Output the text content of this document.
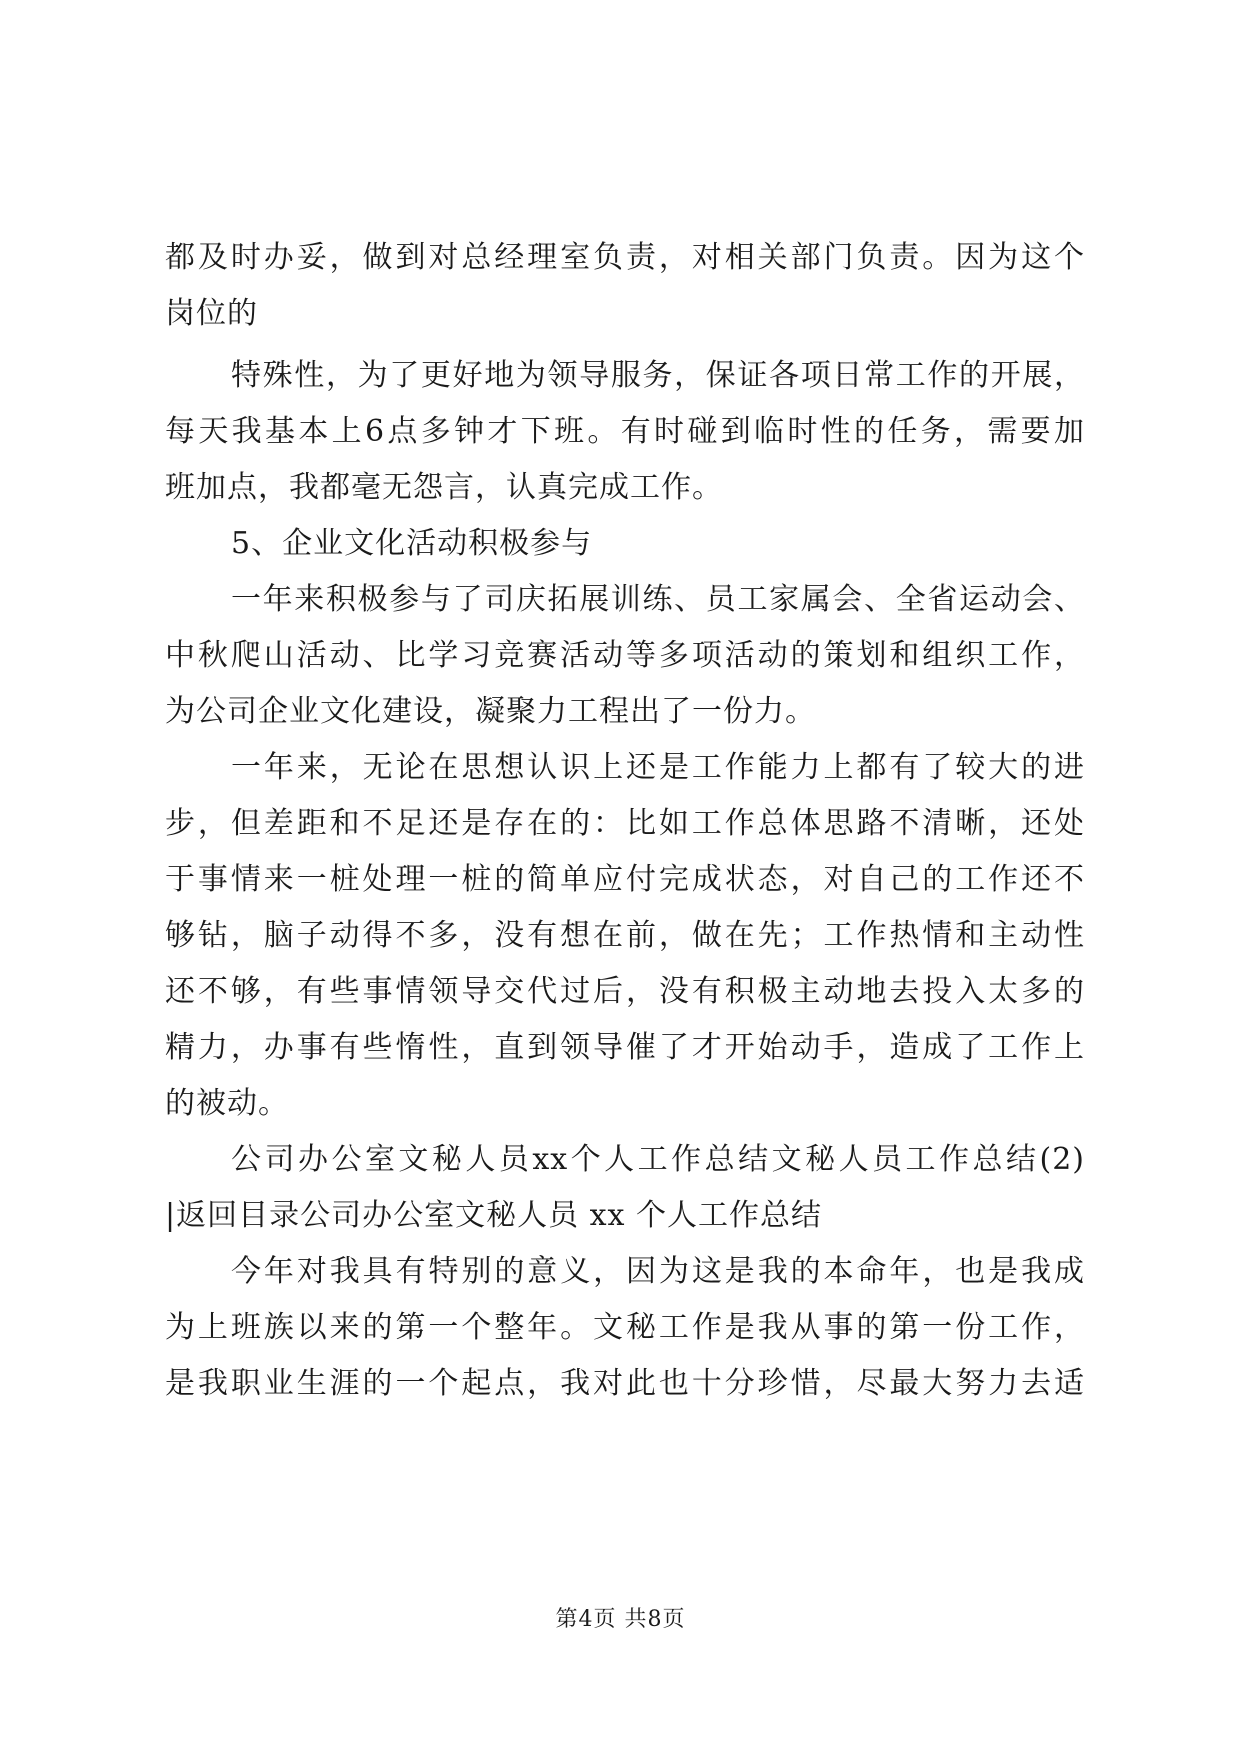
都及时办妥，做到对总经理室负责，对相关部门负责。因为这个
岗位的
特殊性，为了更好地为领导服务，保证各项日常工作的开展，
每天我基本上6点多钟才下班。有时碰到临时性的任务，需要加
班加点，我都毫无怨言，认真完成工作。
5、企业文化活动积极参与
一年来积极参与了司庆拓展训练、员工家属会、全省运动会、
中秋爬山活动、比学习竞赛活动等多项活动的策划和组织工作，
为公司企业文化建设，凝聚力工程出了一份力。
一年来，无论在思想认识上还是工作能力上都有了较大的进
步，但差距和不足还是存在的：比如工作总体思路不清晰，还处
于事情来一桩处理一桩的简单应付完成状态，对自己的工作还不
够钻，脑子动得不多，没有想在前，做在先；工作热情和主动性
还不够，有些事情领导交代过后，没有积极主动地去投入太多的
精力，办事有些惰性，直到领导催了才开始动手，造成了工作上
的被动。
公司办公室文秘人员xx个人工作总结文秘人员工作总结(2)
|返回目录公司办公室文秘人员 xx 个人工作总结
今年对我具有特别的意义，因为这是我的本命年，也是我成
为上班族以来的第一个整年。文秘工作是我从事的第一份工作，
是我职业生涯的一个起点，我对此也十分珍惜，尽最大努力去适
第4页 共8页
